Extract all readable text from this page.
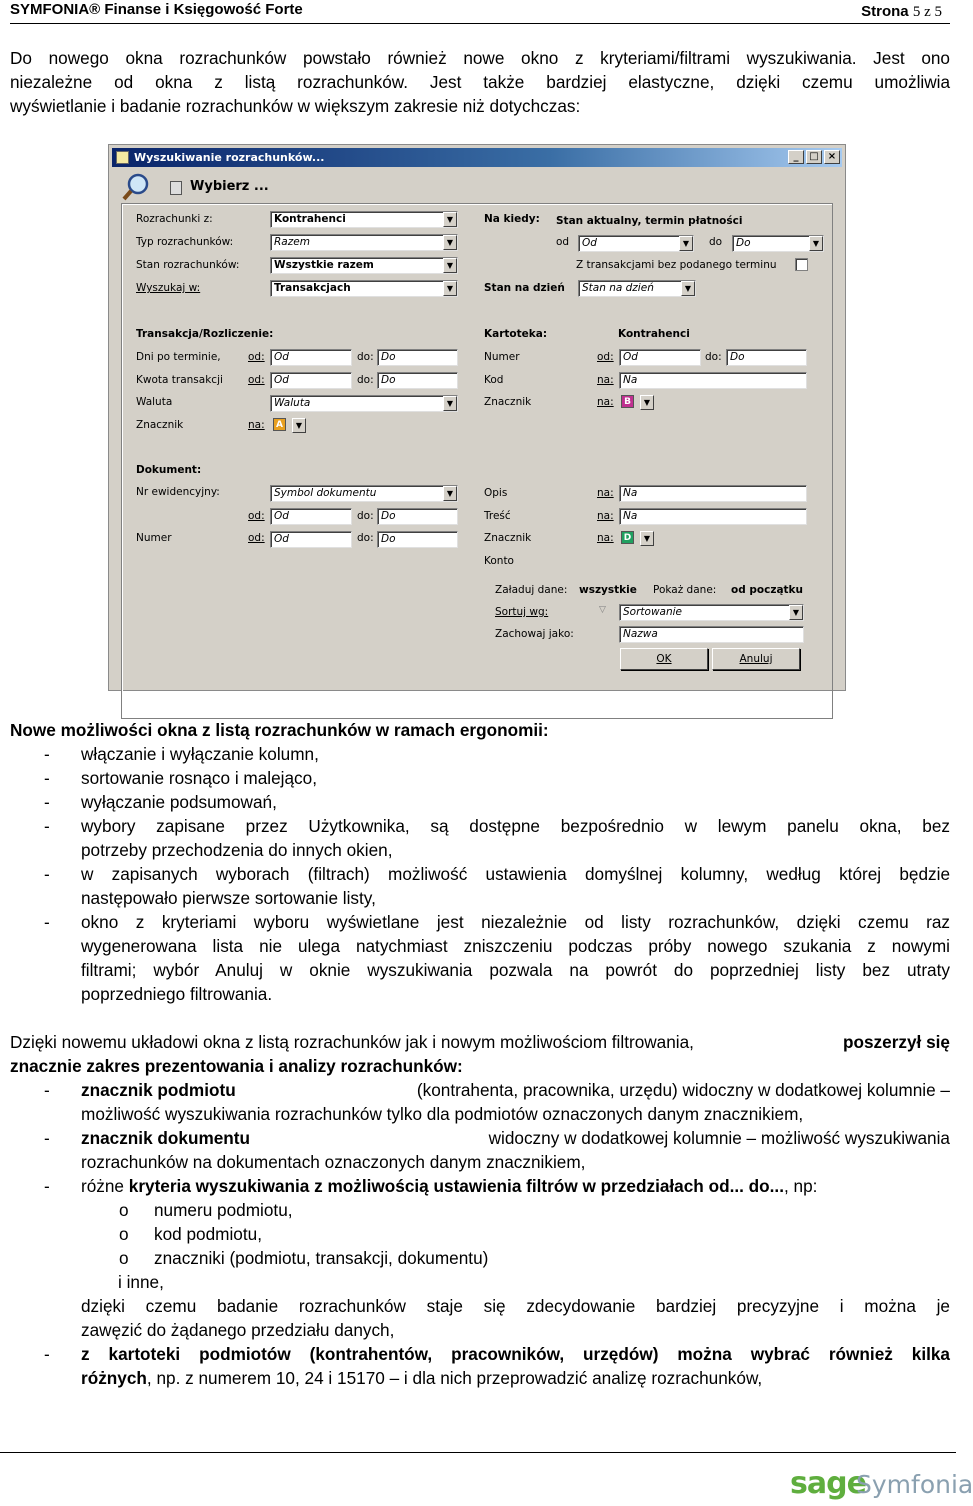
SYMFONIA® Finanse i Księgowość Forte	Strona 5 z 5
Do nowego okna rozrachunków powstało również nowe okno z kryteriami/filtrami wyszukiwania. Jest ono
niezależne od okna z listą rozrachunków. Jest także bardziej elastyczne, dzięki czemu umożliwia
wyświetlanie i badanie rozrachunków w większym zakresie niż dotychczas:
Wyszukiwanie rozrachunków...	_	□ ×
Wybierz ...
Rozrachunki z:	Kontrahenci	▼
Typ rozrachunków:	Razem	▼
Stan rozrachunków:	Wszystkie razem	▼
Wyszukaj w:	Transakcjach	▼
Na kiedy: Stan aktualny, termin płatności
od	Od	▼	do	Do	▼
Z transakcjami bez podanego terminu
Stan na dzień	Stan na dzień	▼
Transakcja/Rozliczenie:
Dni po terminie,	od: Od	do: Do
Kwota transakcji od: Od	do: Do
Waluta	Waluta	▼
Znacznik	na:	A	▼
Kartoteka:	Kontrahenci
Numer	od: Od	do: Do
Kod	na: Na
Znacznik	na:	B	▼
Dokument:
Nr ewidencyjny:	Symbol dokumentu	▼
od: Od	do: Do
Numer	od: Od	do: Do
Opis	na: Na
Treść	na: Na
Znacznik	na:	D	▼
Konto
Załaduj dane: wszystkie Pokaż dane: od początku
Sortuj wg:	▽	Sortowanie	▼
Zachowaj jako:	Nazwa
OK	Anuluj
Nowe możliwości okna z listą rozrachunków w ramach ergonomii:
- włączanie i wyłączanie kolumn,
- sortowanie rosnąco i malejąco,
- wyłączanie podsumowań,
- wybory zapisane przez Użytkownika, są dostępne bezpośrednio w lewym panelu okna, bez
potrzeby przechodzenia do innych okien,
- w zapisanych wyborach (filtrach) możliwość ustawienia domyślnej kolumny, według której będzie
następowało pierwsze sortowanie listy,
- okno z kryteriami wyboru wyświetlane jest niezależnie od listy rozrachunków, dzięki czemu raz
wygenerowana lista nie ulega natychmiast zniszczeniu podczas próby nowego szukania z nowymi
filtrami; wybór Anuluj w oknie wyszukiwania pozwala na powrót do poprzedniej listy bez utraty
poprzedniego filtrowania.
Dzięki nowemu układowi okna z listą rozrachunków jak i nowym możliwościom filtrowania,	poszerzył się
znacznie zakres prezentowania i analizy rozrachunków:
- znacznik podmiotu	(kontrahenta, pracownika, urzędu) widoczny w dodatkowej kolumnie –
możliwość wyszukiwania rozrachunków tylko dla podmiotów oznaczonych danym znacznikiem,
- znacznik dokumentu	widoczny w dodatkowej kolumnie – możliwość wyszukiwania
rozrachunków na dokumentach oznaczonych danym znacznikiem,
- różne kryteria wyszukiwania z możliwością ustawienia filtrów w przedziałach od... do..., np:
o numeru podmiotu,
o kod podmiotu,
o znaczniki (podmiotu, transakcji, dokumentu)
i inne,
dzięki czemu badanie rozrachunków staje się zdecydowanie bardziej precyzyjne i można je
zawęzić do żądanego przedziału danych,
- z kartoteki podmiotów (kontrahentów, pracowników, urzędów) można wybrać również kilka
różnych, np. z numerem 10, 24 i 15170 – i dla nich przeprowadzić analizę rozrachunków,
sage
Symfonia
